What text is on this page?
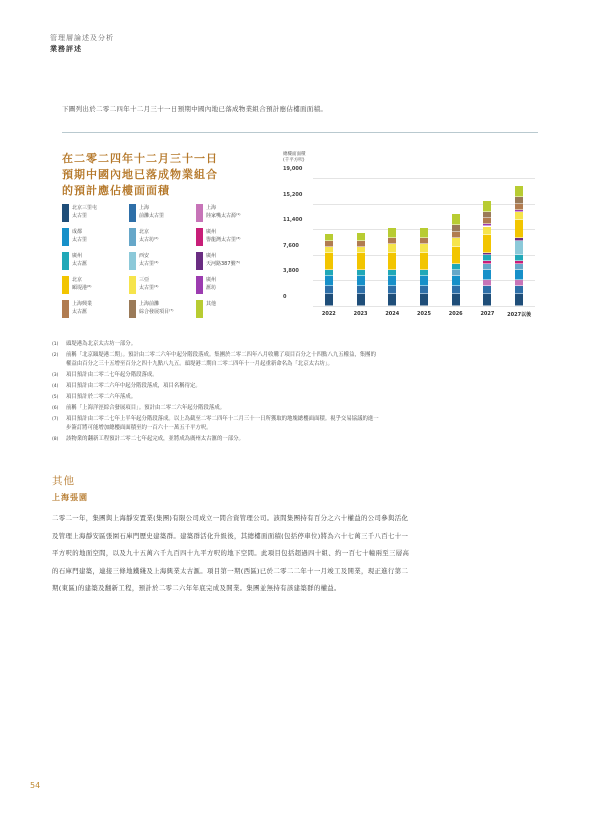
管理層論述及分析
業務評述
下圖列出於二零二四年十二月三十一日預期中國內地已落成物業組合預計應佔樓面面積。
在二零二四年十二月三十一日
預期中國內地已落成物業組合
的預計應佔樓面面積
北京三里屯
太古里
上海
前灘太古里
上海
陸家嘴太古源⁽¹⁾
成都
太古里
北京
太古坊⁽²⁾
廣州
譽龍灣太古里⁽³⁾
廣州
太古滙
西安
太古里⁽⁴⁾
廣州
天河路387號⁽⁵⁾
北京
頤堤港⁽⁶⁾
三亞
太古里⁽⁴⁾
廣州
滙坊
上海興業
太古滙
上海前灘
綜合發展項目⁽⁷⁾
其他
總樓面面積
(千平方呎)
0
3,800
7,600
11,400
15,200
19,000
2022	2023	2024	2025	2026	2027	2027以後
(1) 頭堤港為北京太古坊一部分。
(2) 前稱「北京頤堤港二期」。預計由二零二六年中起分階段落成。集團於二零二四年八月收購了項目百分之十四點八九五權益，集團的
權益由百分之三十五增至百分之四十九點八九五。頭堤港二期自二零二四年十一月起重新命名為「北京太古坊」。
(3) 項目預計由二零二七年起分階段落成。
(4) 項目預計由二零二六年中起分階段落成，項目名稱待定。
(5) 項目預計於二零二六年落成。
(6) 前稱「上海洋涇綜合發展項目」。預計由二零二六年起分階段落成。
(7) 項目預計由二零二七年上半年起分階段落成。以上為截至二零二四年十二月三十一日所獲取的地塊總樓面面積。視乎交易協議的進一
步簽訂將可能增加總樓面面積至約一百六十一萬五千平方呎。
(8) 該物業的翻新工程預計二零二七年起完成，並將成為廣州太古滙的一部分。
其他
上海張園
二零二一年，集團與上海靜安置業(集團)有限公司成立一間合資管理公司。該間集團持有百分之六十權益的公司參與活化
及管理上海靜安區張園石庫門歷史建築群。建築群活化升級後，其總樓面面積(包括停車位)將為六十七萬三千八百七十一
平方呎的地面空間，以及九十五萬六千九百四十九平方呎的地下空間。此項目包括超過四十組、約一百七十幢兩至三層高
的石庫門建築，連接三條地鐵綫及上海興業太古滙。項目第一期(西區)已於二零二二年十一月竣工及開業，現正進行第二
期(東區)的建築及翻新工程，預計於二零二六年年底完成及開業。集團並無持有該建築群的權益。
54
